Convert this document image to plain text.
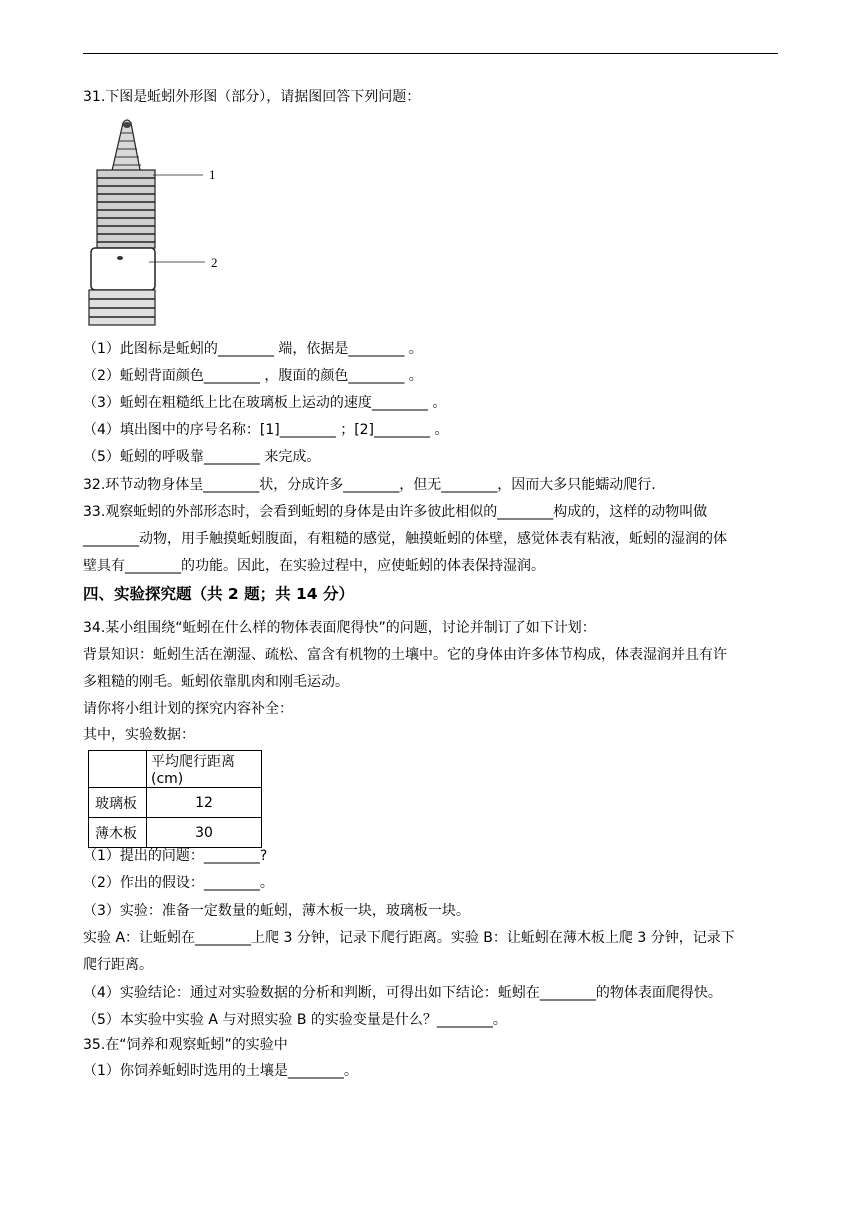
31.下图是蚯蚓外形图（部分），请据图回答下列问题：
1
2
（1）此图标是蚯蚓的________ 端，依据是________ 。
（2）蚯蚓背面颜色________ ，腹面的颜色________ 。
（3）蚯蚓在粗糙纸上比在玻璃板上运动的速度________ 。
（4）填出图中的序号名称：[1]________ ；[2]________ 。
（5）蚯蚓的呼吸靠________ 来完成。
32.环节动物身体呈________状，分成许多________，但无________，因而大多只能蠕动爬行.
33.观察蚯蚓的外部形态时，会看到蚯蚓的身体是由许多彼此相似的________构成的，这样的动物叫做
________动物，用手触摸蚯蚓腹面，有粗糙的感觉，触摸蚯蚓的体壁，感觉体表有粘液，蚯蚓的湿润的体
壁具有________的功能。因此，在实验过程中，应使蚯蚓的体表保持湿润。
四、实验探究题（共 2 题；共 14 分）
34.某小组围绕“蚯蚓在什么样的物体表面爬得快”的问题，讨论并制订了如下计划：
背景知识：蚯蚓生活在潮湿、疏松、富含有机物的土壤中。它的身体由许多体节构成，体表湿润并且有许
多粗糙的刚毛。蚯蚓依靠肌肉和刚毛运动。
请你将小组计划的探究内容补全：
其中，实验数据：
	平均爬行距离(cm)
玻璃板	12
薄木板	30
（1）提出的问题：________?
（2）作出的假设：________。
（3）实验：准备一定数量的蚯蚓，薄木板一块，玻璃板一块。
实验 A：让蚯蚓在________上爬 3 分钟，记录下爬行距离。实验 B：让蚯蚓在薄木板上爬 3 分钟，记录下
爬行距离。
（4）实验结论：通过对实验数据的分析和判断，可得出如下结论：蚯蚓在________的物体表面爬得快。
（5）本实验中实验 A 与对照实验 B 的实验变量是什么？________。
35.在“饲养和观察蚯蚓”的实验中
（1）你饲养蚯蚓时选用的土壤是________。
